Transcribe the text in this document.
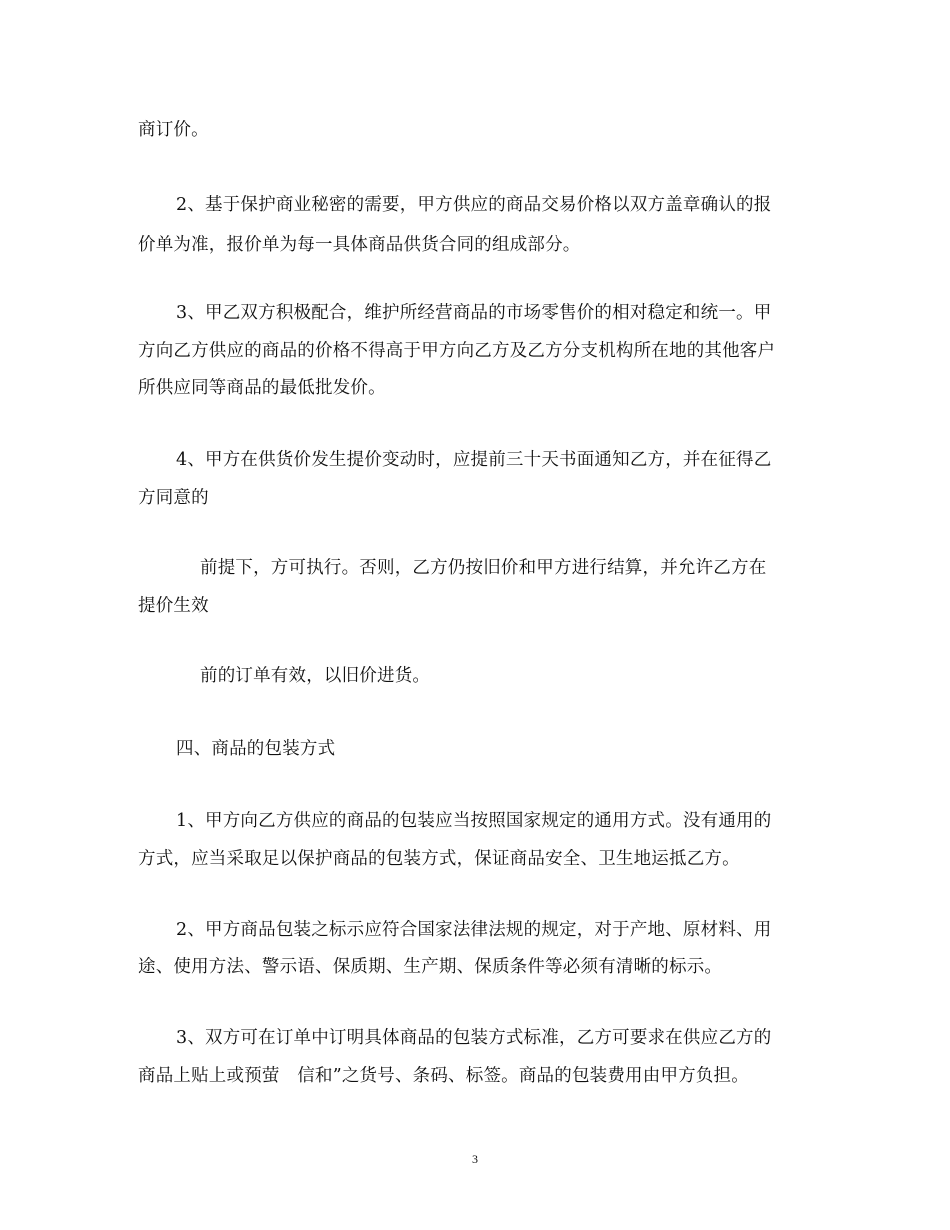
商订价。
2、基于保护商业秘密的需要，甲方供应的商品交易价格以双方盖章确认的报
价单为准，报价单为每一具体商品供货合同的组成部分。
3、甲乙双方积极配合，维护所经营商品的市场零售价的相对稳定和统一。甲
方向乙方供应的商品的价格不得高于甲方向乙方及乙方分支机构所在地的其他客户
所供应同等商品的最低批发价。
4、甲方在供货价发生提价变动时，应提前三十天书面通知乙方，并在征得乙
方同意的
前提下，方可执行。否则，乙方仍按旧价和甲方进行结算，并允许乙方在
提价生效
前的订单有效，以旧价进货。
四、商品的包装方式
1、甲方向乙方供应的商品的包装应当按照国家规定的通用方式。没有通用的
方式，应当采取足以保护商品的包装方式，保证商品安全、卫生地运抵乙方。
2、甲方商品包装之标示应符合国家法律法规的规定，对于产地、原材料、用
途、使用方法、警示语、保质期、生产期、保质条件等必须有清晰的标示。
3、双方可在订单中订明具体商品的包装方式标准，乙方可要求在供应乙方的
商品上贴上或预萤　信和”之货号、条码、标签。商品的包装费用由甲方负担。
3
